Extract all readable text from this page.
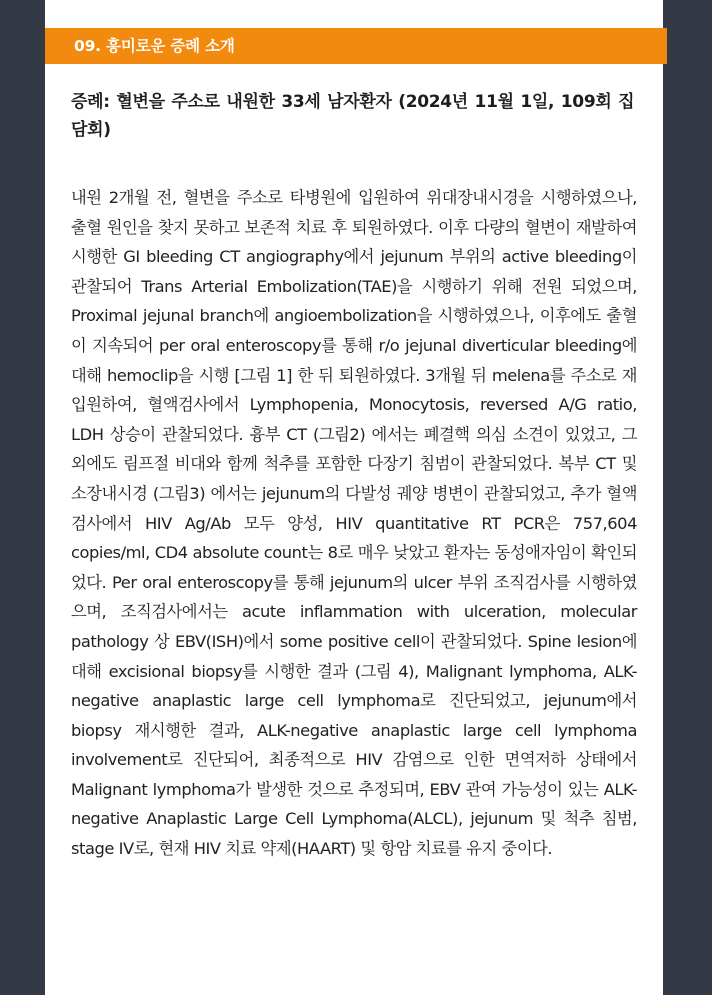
09. 흥미로운 증례 소개
증례: 혈변을 주소로 내원한 33세 남자환자 (2024년 11월 1일, 109회 집담회)

내원 2개월 전, 혈변을 주소로 타병원에 입원하여 위대장내시경을 시행하였으나, 출혈 원인을 찾지 못하고 보존적 치료 후 퇴원하였다. 이후 다량의 혈변이 재발하여 시행한 GI bleeding CT angiography에서 jejunum 부위의 active bleeding이 관찰되어 Trans Arterial Embolization(TAE)을 시행하기 위해 전원 되었으며, Proximal jejunal branch에 angioembolization을 시행하였으나, 이후에도 출혈이 지속되어 per oral enteroscopy를 통해 r/o jejunal diverticular bleeding에 대해 hemoclip을 시행 [그림 1] 한 뒤 퇴원하였다. 3개월 뒤 melena를 주소로 재입원하여, 혈액검사에서 Lymphopenia, Monocytosis, reversed A/G ratio, LDH 상승이 관찰되었다. 흉부 CT (그림2) 에서는 폐결핵 의심 소견이 있었고, 그 외에도 림프절 비대와 함께 척추를 포함한 다장기 침범이 관찰되었다. 복부 CT 및 소장내시경 (그림3) 에서는 jejunum의 다발성 궤양 병변이 관찰되었고, 추가 혈액검사에서 HIV Ag/Ab 모두 양성, HIV quantitative RT PCR은 757,604 copies/ml, CD4 absolute count는 8로 매우 낮았고 환자는 동성애자임이 확인되었다. Per oral enteroscopy를 통해 jejunum의 ulcer 부위 조직검사를 시행하였으며, 조직검사에서는 acute inflammation with ulceration, molecular pathology 상 EBV(ISH)에서 some positive cell이 관찰되었다. Spine lesion에 대해 excisional biopsy를 시행한 결과 (그림 4), Malignant lymphoma, ALK-negative anaplastic large cell lymphoma로 진단되었고, jejunum에서 biopsy 재시행한 결과, ALK-negative anaplastic large cell lymphoma involvement로 진단되어, 최종적으로 HIV 감염으로 인한 면역저하 상태에서 Malignant lymphoma가 발생한 것으로 추정되며, EBV 관여 가능성이 있는 ALK-negative Anaplastic Large Cell Lymphoma(ALCL), jejunum 및 척추 침범, stage IV로, 현재 HIV 치료 약제(HAART) 및 항암 치료를 유지 중이다.
